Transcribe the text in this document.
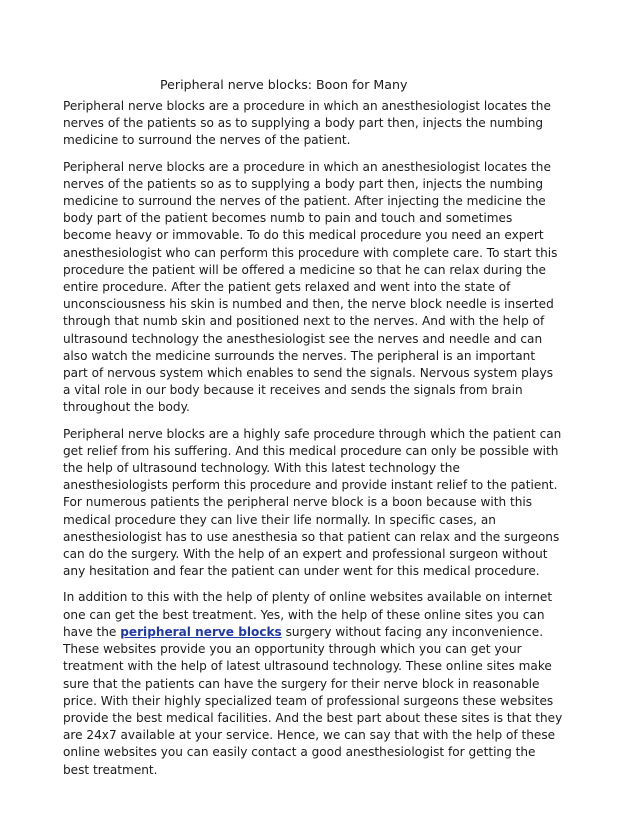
Peripheral nerve blocks: Boon for Many

Peripheral nerve blocks are a procedure in which an anesthesiologist locates the nerves of the patients so as to supplying a body part then, injects the numbing medicine to surround the nerves of the patient.

Peripheral nerve blocks are a procedure in which an anesthesiologist locates the nerves of the patients so as to supplying a body part then, injects the numbing medicine to surround the nerves of the patient. After injecting the medicine the body part of the patient becomes numb to pain and touch and sometimes become heavy or immovable. To do this medical procedure you need an expert anesthesiologist who can perform this procedure with complete care. To start this procedure the patient will be offered a medicine so that he can relax during the entire procedure. After the patient gets relaxed and went into the state of unconsciousness his skin is numbed and then, the nerve block needle is inserted through that numb skin and positioned next to the nerves. And with the help of ultrasound technology the anesthesiologist see the nerves and needle and can also watch the medicine surrounds the nerves. The peripheral is an important part of nervous system which enables to send the signals. Nervous system plays a vital role in our body because it receives and sends the signals from brain throughout the body.

Peripheral nerve blocks are a highly safe procedure through which the patient can get relief from his suffering. And this medical procedure can only be possible with the help of ultrasound technology. With this latest technology the anesthesiologists perform this procedure and provide instant relief to the patient. For numerous patients the peripheral nerve block is a boon because with this medical procedure they can live their life normally. In specific cases, an anesthesiologist has to use anesthesia so that patient can relax and the surgeons can do the surgery. With the help of an expert and professional surgeon without any hesitation and fear the patient can under went for this medical procedure.

In addition to this with the help of plenty of online websites available on internet one can get the best treatment. Yes, with the help of these online sites you can have the peripheral nerve blocks surgery without facing any inconvenience. These websites provide you an opportunity through which you can get your treatment with the help of latest ultrasound technology. These online sites make sure that the patients can have the surgery for their nerve block in reasonable price. With their highly specialized team of professional surgeons these websites provide the best medical facilities. And the best part about these sites is that they are 24x7 available at your service. Hence, we can say that with the help of these online websites you can easily contact a good anesthesiologist for getting the best treatment.
